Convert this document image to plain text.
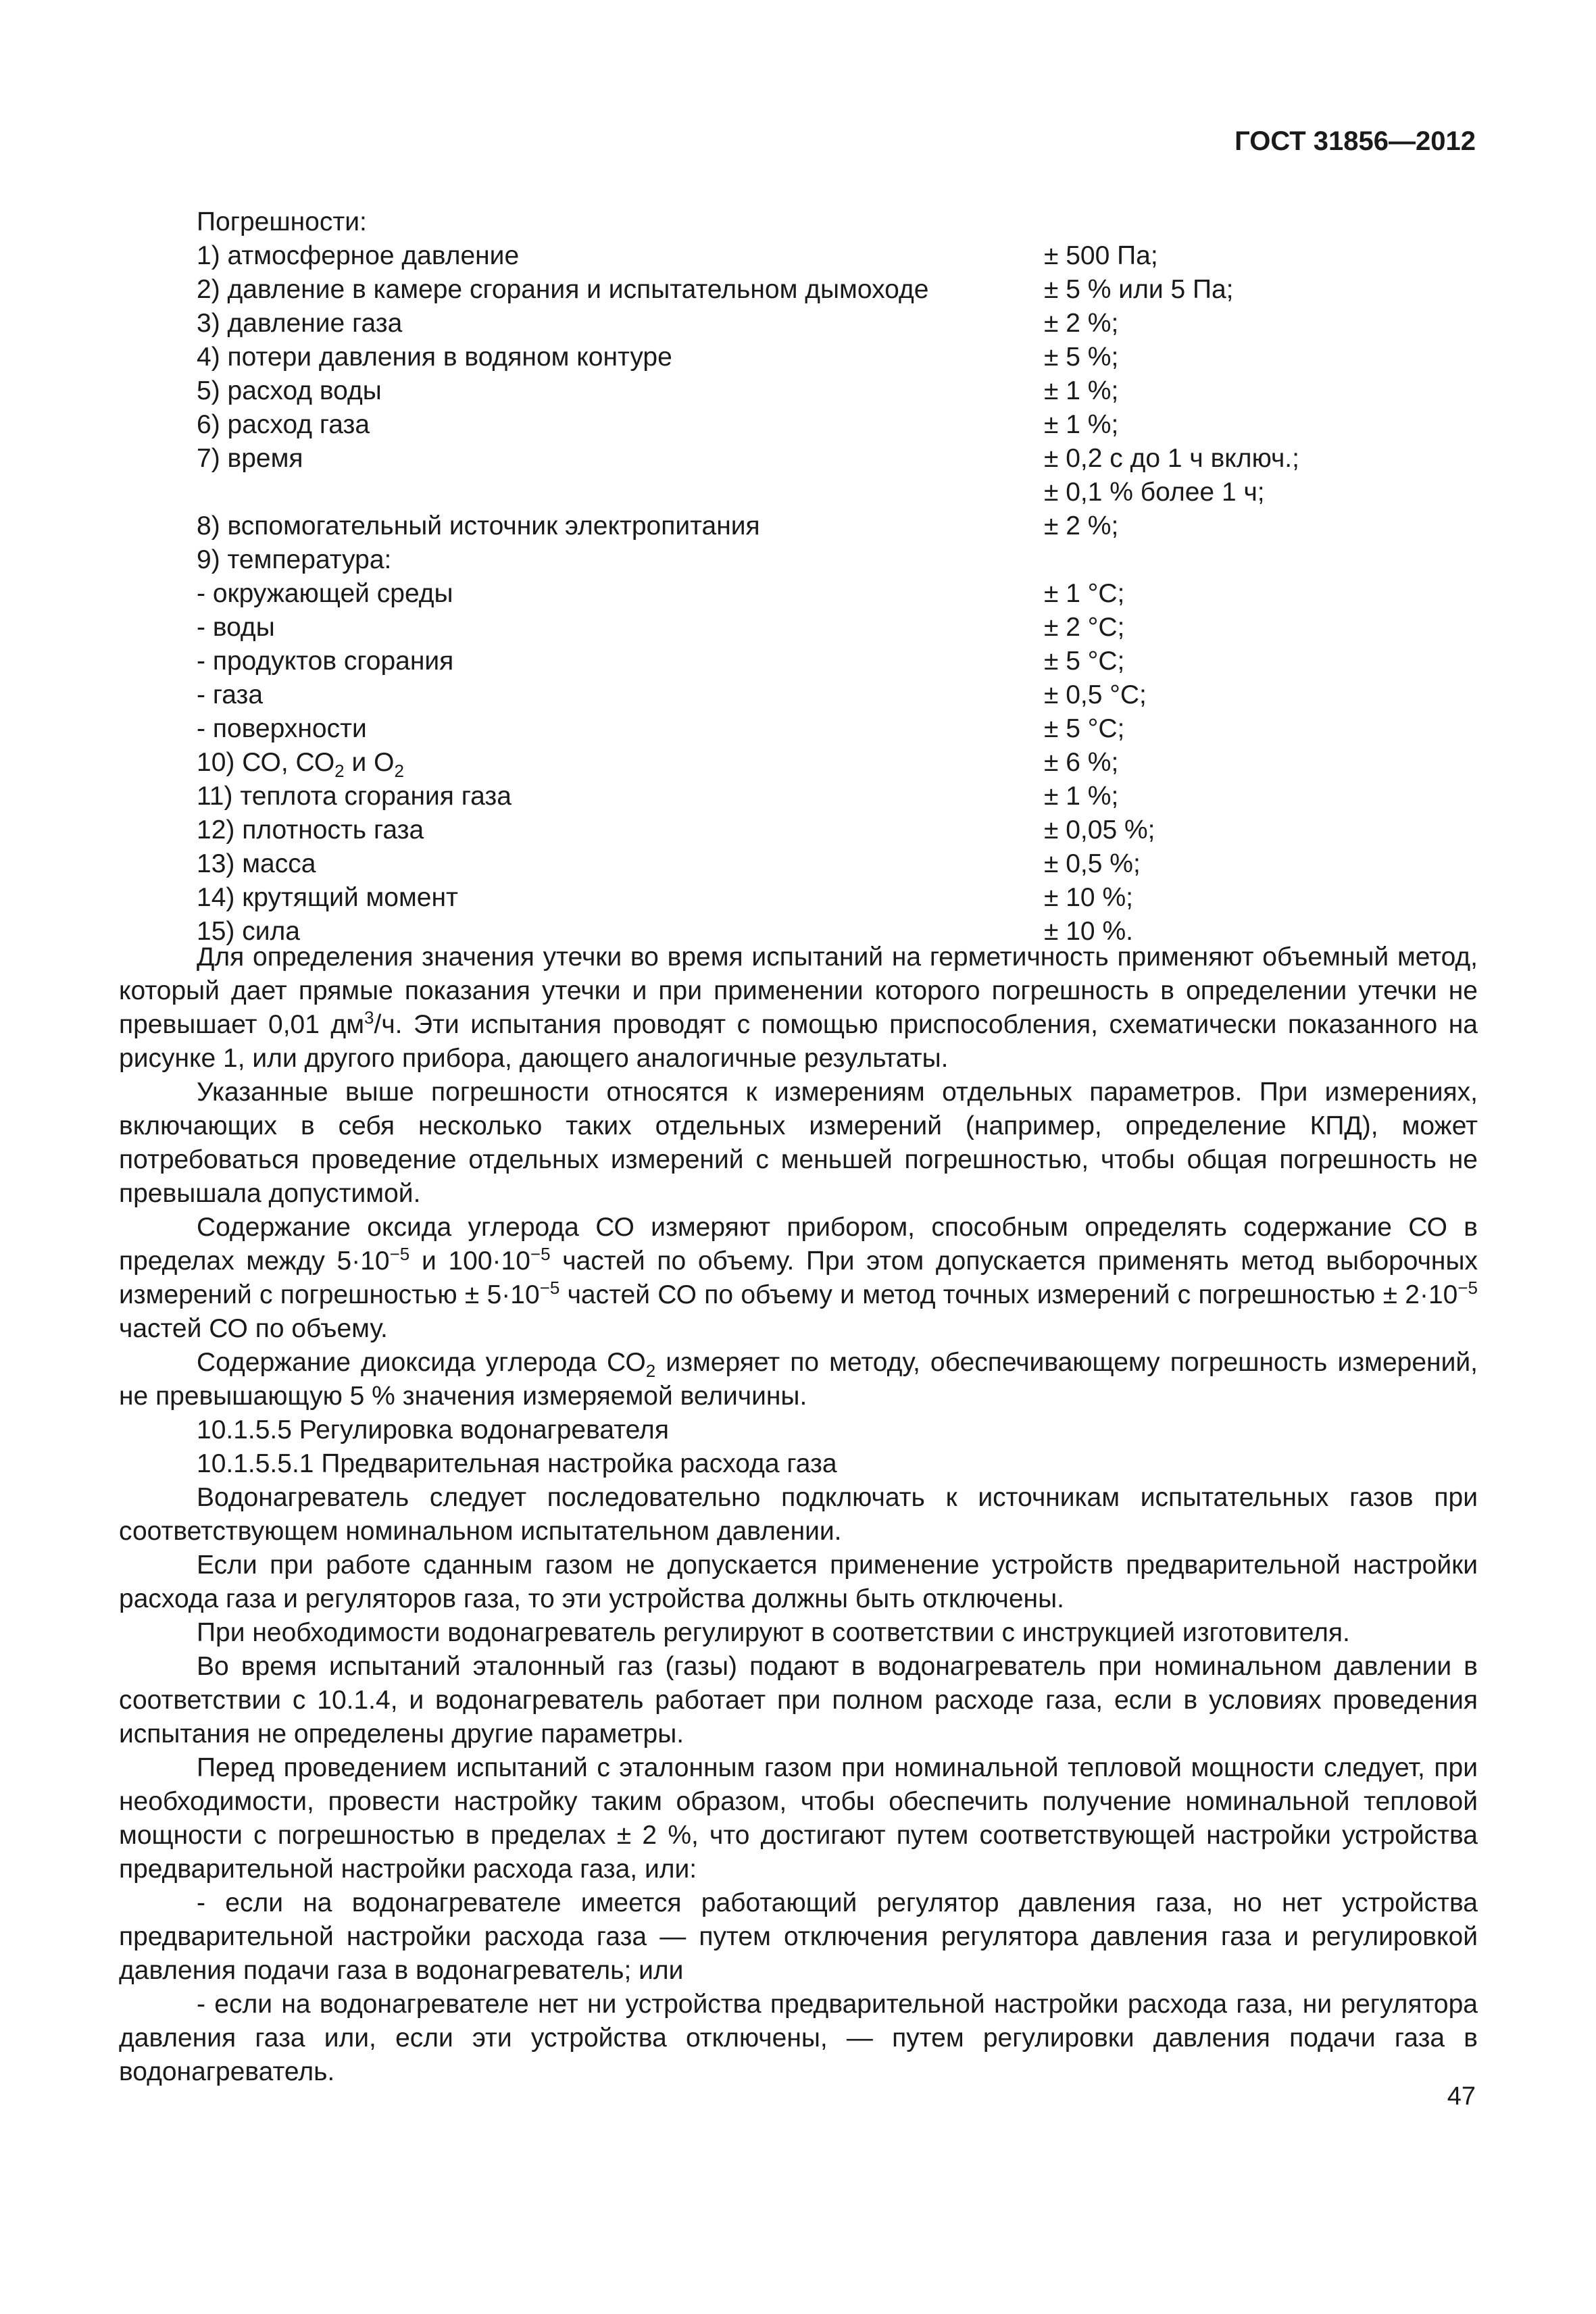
ГОСТ 31856—2012
Погрешности:
1) атмосферное давление	± 500 Па;
2) давление в камере сгорания и испытательном дымоходе	± 5 % или 5 Па;
3) давление газа	± 2 %;
4) потери давления в водяном контуре	± 5 %;
5) расход воды	± 1 %;
6) расход газа	± 1 %;
7) время	± 0,2 с до 1 ч включ.;
± 0,1 % более 1 ч;
8) вспомогательный источник электропитания	± 2 %;
9) температура:
- окружающей среды	± 1 °С;
- воды	± 2 °С;
- продуктов сгорания	± 5 °С;
- газа	± 0,5 °С;
- поверхности	± 5 °С;
10) СО, $СО_2$ и $О_2$	± 6 %;
11) теплота сгорания газа	± 1 %;
12) плотность газа	± 0,05 %;
13) масса	± 0,5 %;
14) крутящий момент	± 10 %;
15) сила	± 10 %.

Для определения значения утечки во время испытаний на герметичность применяют объемный метод, который дает прямые показания утечки и при применении которого погрешность в определении утечки не превышает 0,01 $дм^3/ч$. Эти испытания проводят с помощью приспособления, схематически показанного на рисунке 1, или другого прибора, дающего аналогичные результаты.

Указанные выше погрешности относятся к измерениям отдельных параметров. При измерениях, включающих в себя несколько таких отдельных измерений (например, определение КПД), может потребоваться проведение отдельных измерений с меньшей погрешностью, чтобы общая погрешность не превышала допустимой.

Содержание оксида углерода СО измеряют прибором, способным определять содержание СО в пределах между $5\cdot 10^{-5}$ и $100\cdot 10^{-5}$ частей по объему. При этом допускается применять метод выборочных измерений с погрешностью ± $5\cdot 10^{-5}$ частей СО по объему и метод точных измерений с погрешностью ± $2\cdot 10^{-5}$ частей СО по объему.

Содержание диоксида углерода $СО_2$ измеряет по методу, обеспечивающему погрешность измерений, не превышающую 5 % значения измеряемой величины.

10.1.5.5 Регулировка водонагревателя

10.1.5.5.1 Предварительная настройка расхода газа

Водонагреватель следует последовательно подключать к источникам испытательных газов при соответствующем номинальном испытательном давлении.

Если при работе сданным газом не допускается применение устройств предварительной настройки расхода газа и регуляторов газа, то эти устройства должны быть отключены.

При необходимости водонагреватель регулируют в соответствии с инструкцией изготовителя.

Во время испытаний эталонный газ (газы) подают в водонагреватель при номинальном давлении в соответствии с 10.1.4, и водонагреватель работает при полном расходе газа, если в условиях проведения испытания не определены другие параметры.

Перед проведением испытаний с эталонным газом при номинальной тепловой мощности следует, при необходимости, провести настройку таким образом, чтобы обеспечить получение номинальной тепловой мощности с погрешностью в пределах ± 2 %, что достигают путем соответствующей настройки устройства предварительной настройки расхода газа, или:

- если на водонагревателе имеется работающий регулятор давления газа, но нет устройства предварительной настройки расхода газа — путем отключения регулятора давления газа и регулировкой давления подачи газа в водонагреватель; или

- если на водонагревателе нет ни устройства предварительной настройки расхода газа, ни регулятора давления газа или, если эти устройства отключены, — путем регулировки давления подачи газа в водонагреватель.

47
